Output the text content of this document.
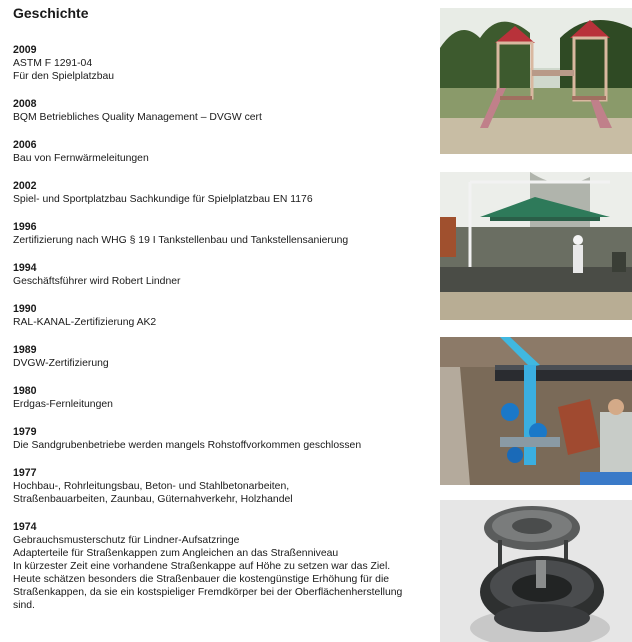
Geschichte
2009
ASTM F 1291-04
Für den Spielplatzbau
2008
BQM Betriebliches Quality Management – DVGW cert
2006
Bau von Fernwärmeleitungen
2002
Spiel- und Sportplatzbau Sachkundige für Spielplatzbau EN 1176
1996
Zertifizierung nach WHG § 19 I Tankstellenbau und Tankstellensanierung
1994
Geschäftsführer wird Robert Lindner
1990
RAL-KANAL-Zertifizierung AK2
1989
DVGW-Zertifizierung
1980
Erdgas-Fernleitungen
1979
Die Sandgrubenbetriebe werden mangels Rohstoffvorkommen geschlossen
1977
Hochbau-, Rohrleitungsbau, Beton- und Stahlbetonarbeiten,
Straßenbauarbeiten, Zaunbau, Güternahverkehr, Holzhandel
1974
Gebrauchsmusterschutz für Lindner-Aufsatzringe
Adapterteile für Straßenkappen zum Angleichen an das Straßenniveau
In kürzester Zeit eine vorhandene Straßenkappe auf Höhe zu setzen war das Ziel.
Heute schätzen besonders die Straßenbauer die kostengünstige Erhöhung für die
Straßenkappen, da sie ein kostspieliger Fremdkörper bei der Oberflächenherstellung
sind.
